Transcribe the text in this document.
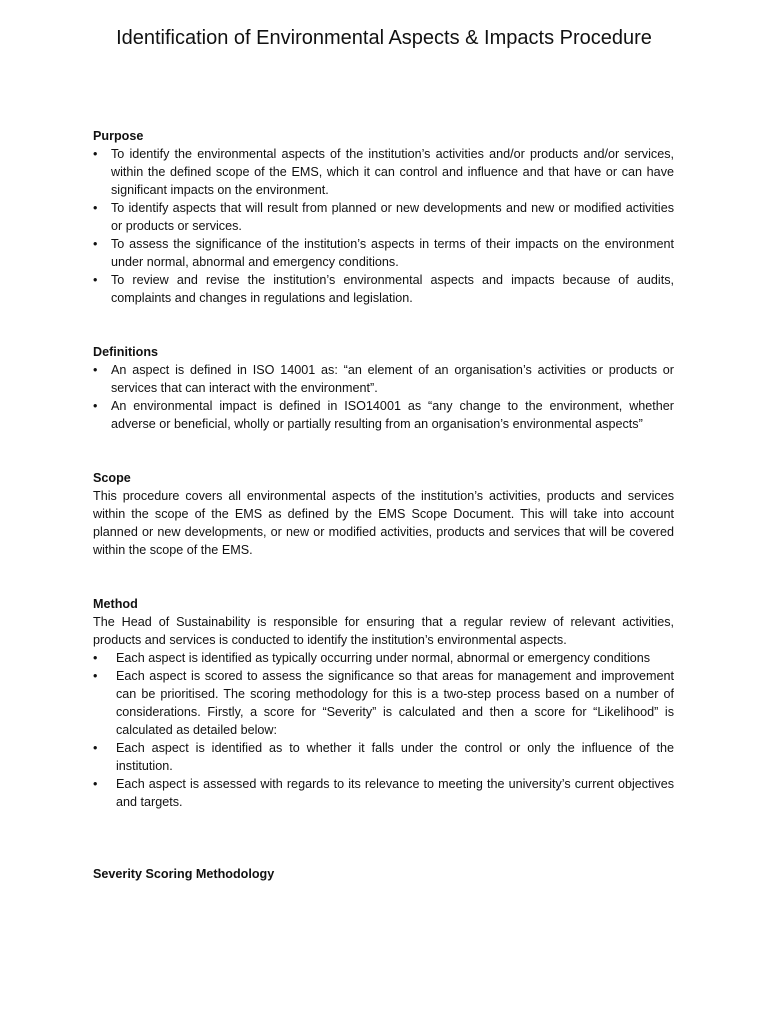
Identification of Environmental Aspects & Impacts Procedure

Purpose

•	To identify the environmental aspects of the institution’s activities and/or products and/or services, within the defined scope of the EMS, which it can control and influence and that have or can have significant impacts on the environment.
•	To identify aspects that will result from planned or new developments and new or modified activities or products or services.
•	To assess the significance of the institution’s aspects in terms of their impacts on the environment under normal, abnormal and emergency conditions.
•	To review and revise the institution’s environmental aspects and impacts because of audits, complaints and changes in regulations and legislation.

Definitions

•	An aspect is defined in ISO 14001 as: “an element of an organisation’s activities or products or services that can interact with the environment”.
•	An environmental impact is defined in ISO14001 as “any change to the environment, whether adverse or beneficial, wholly or partially resulting from an organisation’s environmental aspects”

Scope

This procedure covers all environmental aspects of the institution’s activities, products and services within the scope of the EMS as defined by the EMS Scope Document. This will take into account planned or new developments, or new or modified activities, products and services that will be covered within the scope of the EMS.

Method

The Head of Sustainability is responsible for ensuring that a regular review of relevant activities, products and services is conducted to identify the institution’s environmental aspects.

•	Each aspect is identified as typically occurring under normal, abnormal or emergency conditions
•	Each aspect is scored to assess the significance so that areas for management and improvement can be prioritised. The scoring methodology for this is a two-step process based on a number of considerations. Firstly, a score for “Severity” is calculated and then a score for “Likelihood” is calculated as detailed below:
•	Each aspect is identified as to whether it falls under the control or only the influence of the institution.
•	Each aspect is assessed with regards to its relevance to meeting the university’s current objectives and targets.

Severity Scoring Methodology
